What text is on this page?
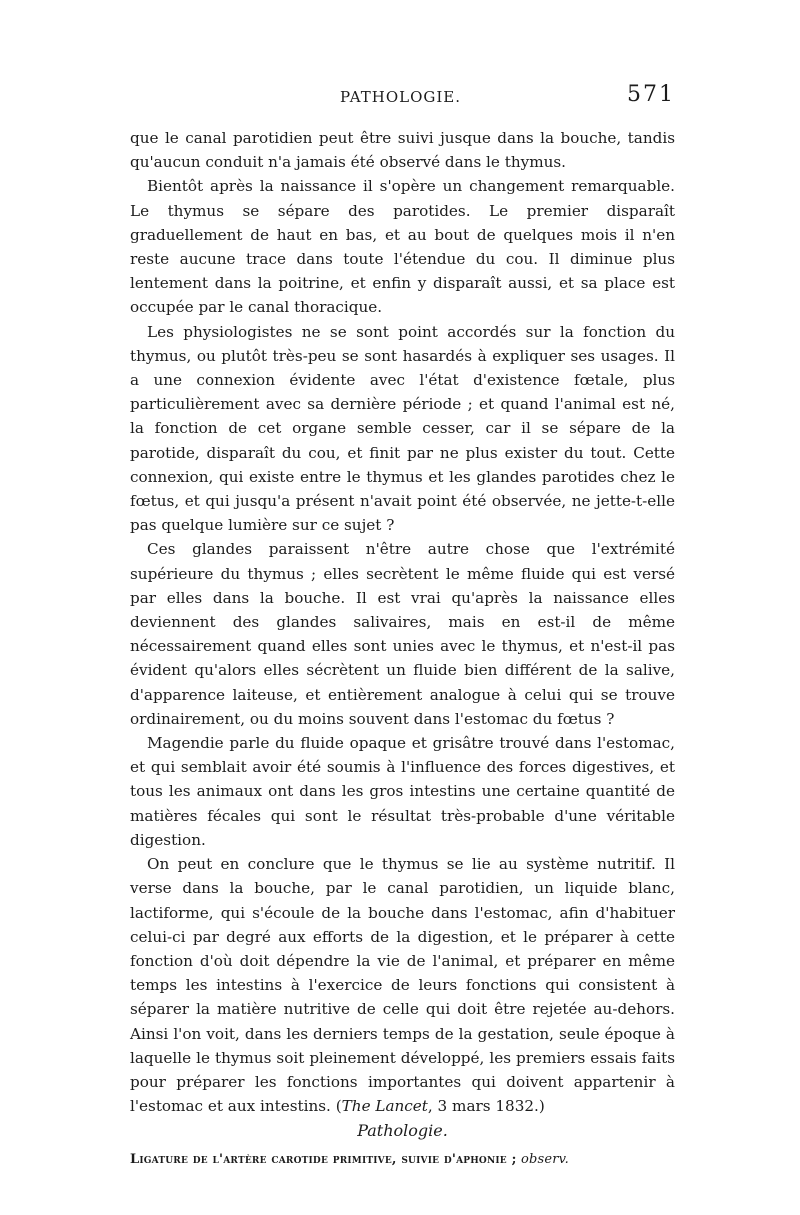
PATHOLOGIE.	571

que le canal parotidien peut être suivi jusque dans la bouche, tandis qu'aucun conduit n'a jamais été observé dans le thymus.

Bientôt après la naissance il s'opère un changement remarquable. Le thymus se sépare des parotides. Le premier disparaît graduellement de haut en bas, et au bout de quelques mois il n'en reste aucune trace dans toute l'étendue du cou. Il diminue plus lentement dans la poitrine, et enfin y disparaît aussi, et sa place est occupée par le canal thoracique.

Les physiologistes ne se sont point accordés sur la fonction du thymus, ou plutôt très-peu se sont hasardés à expliquer ses usages. Il a une connexion évidente avec l'état d'existence fœtale, plus particulièrement avec sa dernière période ; et quand l'animal est né, la fonction de cet organe semble cesser, car il se sépare de la parotide, disparaît du cou, et finit par ne plus exister du tout. Cette connexion, qui existe entre le thymus et les glandes parotides chez le fœtus, et qui jusqu'a présent n'avait point été observée, ne jette-t-elle pas quelque lumière sur ce sujet ?

Ces glandes paraissent n'être autre chose que l'extrémité supérieure du thymus ; elles secrètent le même fluide qui est versé par elles dans la bouche. Il est vrai qu'après la naissance elles deviennent des glandes salivaires, mais en est-il de même nécessairement quand elles sont unies avec le thymus, et n'est-il pas évident qu'alors elles sécrètent un fluide bien différent de la salive, d'apparence laiteuse, et entièrement analogue à celui qui se trouve ordinairement, ou du moins souvent dans l'estomac du fœtus ?

Magendie parle du fluide opaque et grisâtre trouvé dans l'estomac, et qui semblait avoir été soumis à l'influence des forces digestives, et tous les animaux ont dans les gros intestins une certaine quantité de matières fécales qui sont le résultat très-probable d'une véritable digestion.

On peut en conclure que le thymus se lie au système nutritif. Il verse dans la bouche, par le canal parotidien, un liquide blanc, lactiforme, qui s'écoule de la bouche dans l'estomac, afin d'habituer celui-ci par degré aux efforts de la digestion, et le préparer à cette fonction d'où doit dépendre la vie de l'animal, et préparer en même temps les intestins à l'exercice de leurs fonctions qui consistent à séparer la matière nutritive de celle qui doit être rejetée au-dehors. Ainsi l'on voit, dans les derniers temps de la gestation, seule époque à laquelle le thymus soit pleinement développé, les premiers essais faits pour préparer les fonctions importantes qui doivent appartenir à l'estomac et aux intestins. (The Lancet, 3 mars 1832.)

Pathologie.

Ligature de l'artère carotide primitive, suivie d'aphonie ; observ.
